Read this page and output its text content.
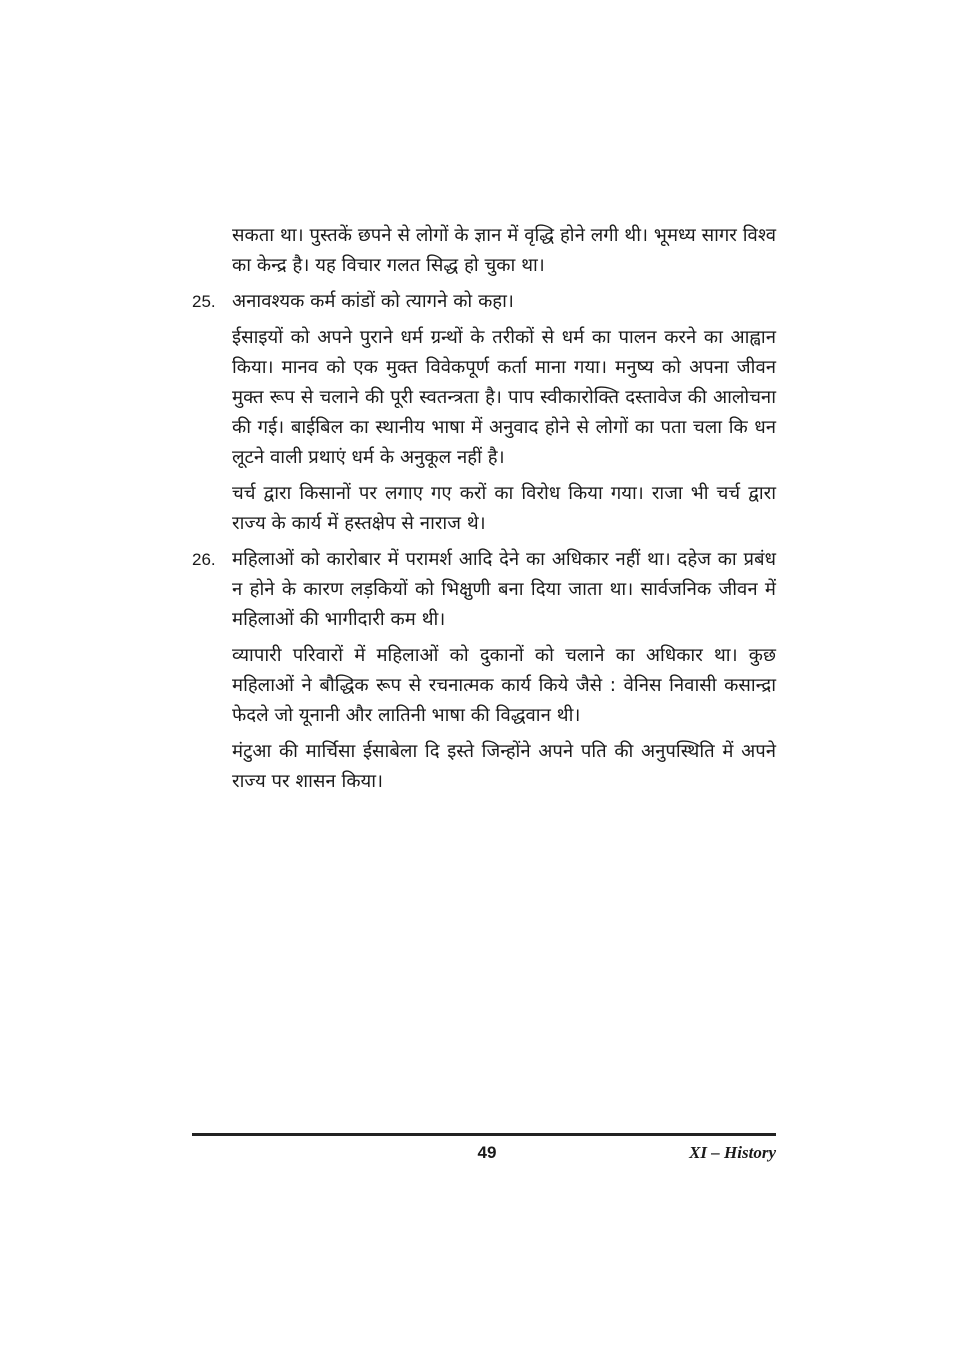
सकता था। पुस्तकें छपने से लोगों के ज्ञान में वृद्धि होने लगी थी। भूमध्य सागर विश्व का केन्द्र है। यह विचार गलत सिद्ध हो चुका था।

25. अनावश्यक कर्म कांडों को त्यागने को कहा।

ईसाइयों को अपने पुराने धर्म ग्रन्थों के तरीकों से धर्म का पालन करने का आह्वान किया। मानव को एक मुक्त विवेकपूर्ण कर्ता माना गया। मनुष्य को अपना जीवन मुक्त रूप से चलाने की पूरी स्वतन्त्रता है। पाप स्वीकारोक्ति दस्तावेज की आलोचना की गई। बाईबिल का स्थानीय भाषा में अनुवाद होने से लोगों का पता चला कि धन लूटने वाली प्रथाएं धर्म के अनुकूल नहीं है।

चर्च द्वारा किसानों पर लगाए गए करों का विरोध किया गया। राजा भी चर्च द्वारा राज्य के कार्य में हस्तक्षेप से नाराज थे।

26. महिलाओं को कारोबार में परामर्श आदि देने का अधिकार नहीं था। दहेज का प्रबंध न होने के कारण लड़कियों को भिक्षुणी बना दिया जाता था। सार्वजनिक जीवन में महिलाओं की भागीदारी कम थी।

व्यापारी परिवारों में महिलाओं को दुकानों को चलाने का अधिकार था। कुछ महिलाओं ने बौद्धिक रूप से रचनात्मक कार्य किये जैसे : वेनिस निवासी कसान्द्रा फेदले जो यूनानी और लातिनी भाषा की विद्धवान थी।

मंटुआ की मार्चिसा ईसाबेला दि इस्ते जिन्होंने अपने पति की अनुपस्थिति में अपने राज्य पर शासन किया।

49	XI – History
